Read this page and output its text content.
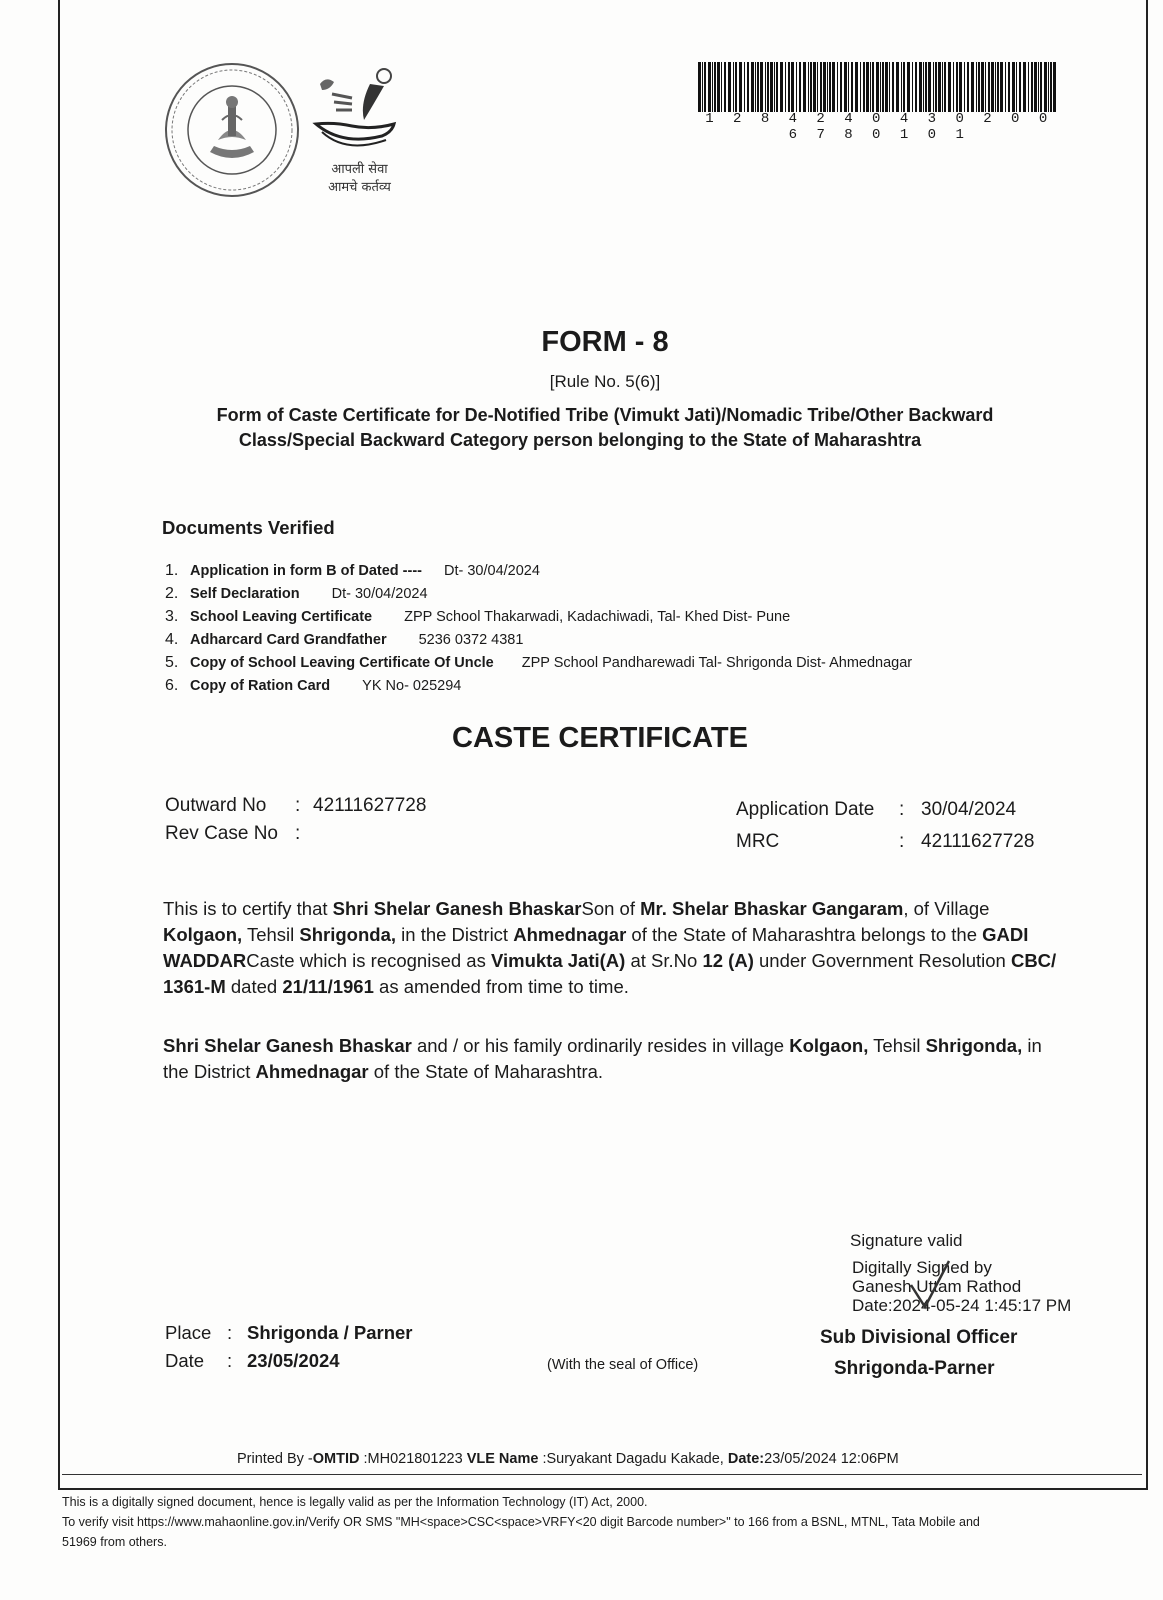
आपली सेवा
आमचे कर्तव्य
1 2 8 4 2 4 0 4 3 0 2 0 0 6 7 8 0 1 0 1
FORM - 8
[Rule No. 5(6)]
Form of Caste Certificate for De-Notified Tribe (Vimukt Jati)/Nomadic Tribe/Other Backward
Class/Special Backward Category person belonging to the State of Maharashtra
Documents Verified
1. Application in form B of Dated ---- Dt- 30/04/2024
2. Self Declaration Dt- 30/04/2024
3. School Leaving Certificate ZPP School Thakarwadi, Kadachiwadi, Tal- Khed Dist- Pune
4. Adharcard Card Grandfather 5236 0372 4381
5. Copy of School Leaving Certificate Of Uncle ZPP School Pandharewadi Tal- Shrigonda Dist- Ahmednagar
6. Copy of Ration Card YK No- 025294
CASTE CERTIFICATE
Outward No : 42111627728
Rev Case No :
Application Date : 30/04/2024
MRC	: 42111627728
This is to certify that Shri Shelar Ganesh BhaskarSon of Mr. Shelar Bhaskar Gangaram, of Village Kolgaon, Tehsil Shrigonda, in the District Ahmednagar of the State of Maharashtra belongs to the GADI WADDARCaste which is recognised as Vimukta Jati(A) at Sr.No 12 (A) under Government Resolution CBC/ 1361-M dated 21/11/1961 as amended from time to time.
Shri Shelar Ganesh Bhaskar and / or his family ordinarily resides in village Kolgaon, Tehsil Shrigonda, in the District Ahmednagar of the State of Maharashtra.
Signature valid
Digitally Signed by
Ganesh Uttam Rathod
Date:2024-05-24 1:45:17 PM
Sub Divisional Officer
Shrigonda-Parner
Place : Shrigonda / Parner
Date : 23/05/2024	(With the seal of Office)
Printed By -OMTID :MH021801223 VLE Name :Suryakant Dagadu Kakade, Date:23/05/2024 12:06PM
This is a digitally signed document, hence is legally valid as per the Information Technology (IT) Act, 2000.
To verify visit https://www.mahaonline.gov.in/Verify OR SMS "MH<space>CSC<space>VRFY<20 digit Barcode number>" to 166 from a BSNL, MTNL, Tata Mobile and
51969 from others.
